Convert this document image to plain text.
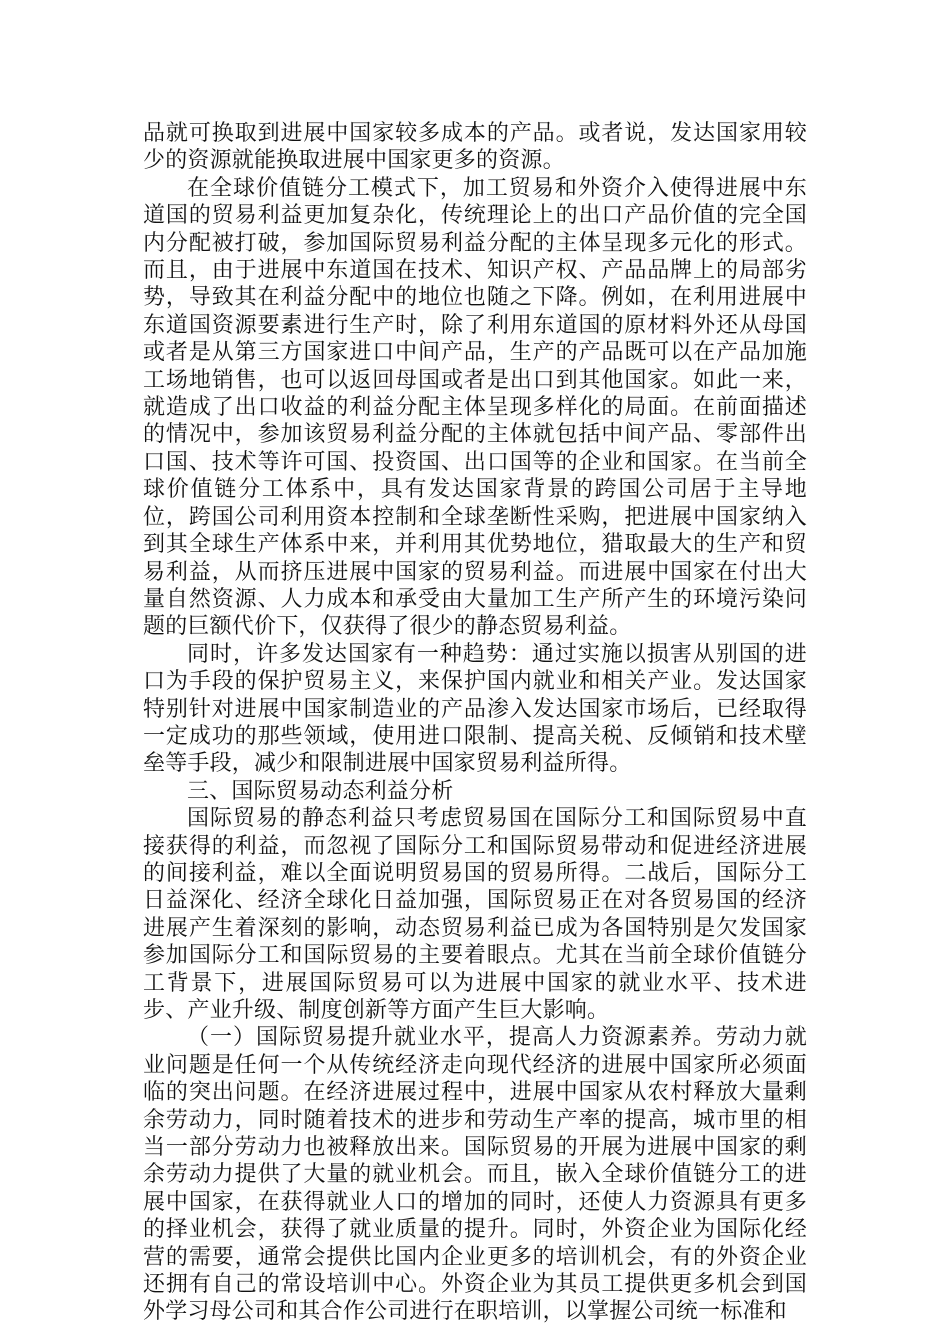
品就可换取到进展中国家较多成本的产品。或者说，发达国家用较少的资源就能换取进展中国家更多的资源。

在全球价值链分工模式下，加工贸易和外资介入使得进展中东道国的贸易利益更加复杂化，传统理论上的出口产品价值的完全国内分配被打破，参加国际贸易利益分配的主体呈现多元化的形式。而且，由于进展中东道国在技术、知识产权、产品品牌上的局部劣势，导致其在利益分配中的地位也随之下降。例如，在利用进展中东道国资源要素进行生产时，除了利用东道国的原材料外还从母国或者是从第三方国家进口中间产品，生产的产品既可以在产品加施工场地销售，也可以返回母国或者是出口到其他国家。如此一来，就造成了出口收益的利益分配主体呈现多样化的局面。在前面描述的情况中，参加该贸易利益分配的主体就包括中间产品、零部件出口国、技术等许可国、投资国、出口国等的企业和国家。在当前全球价值链分工体系中，具有发达国家背景的跨国公司居于主导地位，跨国公司利用资本控制和全球垄断性采购，把进展中国家纳入到其全球生产体系中来，并利用其优势地位，猎取最大的生产和贸易利益，从而挤压进展中国家的贸易利益。而进展中国家在付出大量自然资源、人力成本和承受由大量加工生产所产生的环境污染问题的巨额代价下，仅获得了很少的静态贸易利益。

同时，许多发达国家有一种趋势：通过实施以损害从别国的进口为手段的保护贸易主义，来保护国内就业和相关产业。发达国家特别针对进展中国家制造业的产品渗入发达国家市场后，已经取得一定成功的那些领域，使用进口限制、提高关税、反倾销和技术壁垒等手段，减少和限制进展中国家贸易利益所得。

三、国际贸易动态利益分析

国际贸易的静态利益只考虑贸易国在国际分工和国际贸易中直接获得的利益，而忽视了国际分工和国际贸易带动和促进经济进展的间接利益，难以全面说明贸易国的贸易所得。二战后，国际分工日益深化、经济全球化日益加强，国际贸易正在对各贸易国的经济进展产生着深刻的影响，动态贸易利益已成为各国特别是欠发国家参加国际分工和国际贸易的主要着眼点。尤其在当前全球价值链分工背景下，进展国际贸易可以为进展中国家的就业水平、技术进步、产业升级、制度创新等方面产生巨大影响。

（一）国际贸易提升就业水平，提高人力资源素养。劳动力就业问题是任何一个从传统经济走向现代经济的进展中国家所必须面临的突出问题。在经济进展过程中，进展中国家从农村释放大量剩余劳动力，同时随着技术的进步和劳动生产率的提高，城市里的相当一部分劳动力也被释放出来。国际贸易的开展为进展中国家的剩余劳动力提供了大量的就业机会。而且，嵌入全球价值链分工的进展中国家，在获得就业人口的增加的同时，还使人力资源具有更多的择业机会，获得了就业质量的提升。同时，外资企业为国际化经营的需要，通常会提供比国内企业更多的培训机会，有的外资企业还拥有自己的常设培训中心。外资企业为其员工提供更多机会到国外学习母公司和其合作公司进行在职培训，以掌握公司统一标准和
